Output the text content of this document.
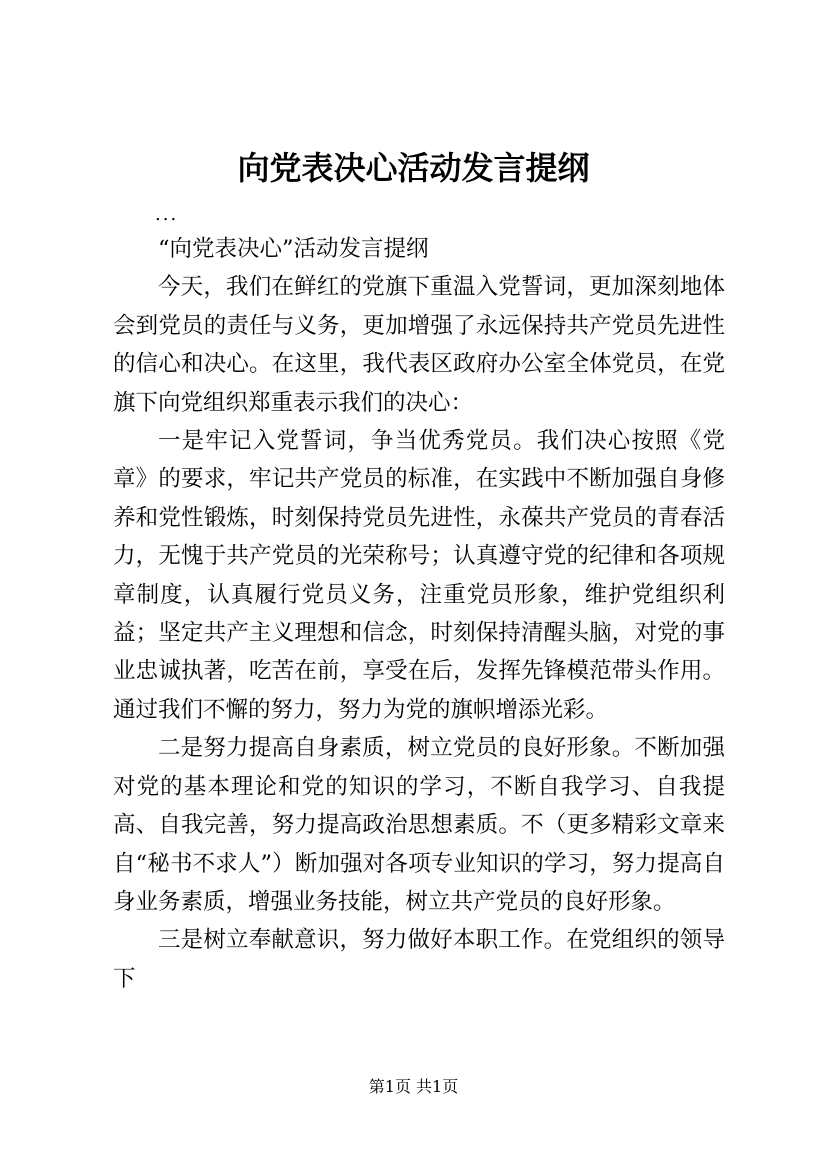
向党表决心活动发言提纲
...

“向党表决心”活动发言提纲

今天，我们在鲜红的党旗下重温入党誓词，更加深刻地体会到党员的责任与义务，更加增强了永远保持共产党员先进性的信心和决心。在这里，我代表区政府办公室全体党员，在党旗下向党组织郑重表示我们的决心：

一是牢记入党誓词，争当优秀党员。我们决心按照《党章》的要求，牢记共产党员的标准，在实践中不断加强自身修养和党性锻炼，时刻保持党员先进性，永葆共产党员的青春活力，无愧于共产党员的光荣称号；认真遵守党的纪律和各项规章制度，认真履行党员义务，注重党员形象，维护党组织利益；坚定共产主义理想和信念，时刻保持清醒头脑，对党的事业忠诚执著，吃苦在前，享受在后，发挥先锋模范带头作用。通过我们不懈的努力，努力为党的旗帜增添光彩。

二是努力提高自身素质，树立党员的良好形象。不断加强对党的基本理论和党的知识的学习，不断自我学习、自我提高、自我完善，努力提高政治思想素质。不（更多精彩文章来自“秘书不求人”）断加强对各项专业知识的学习，努力提高自身业务素质，增强业务技能，树立共产党员的良好形象。

三是树立奉献意识，努力做好本职工作。在党组织的领导下

第1页 共1页
